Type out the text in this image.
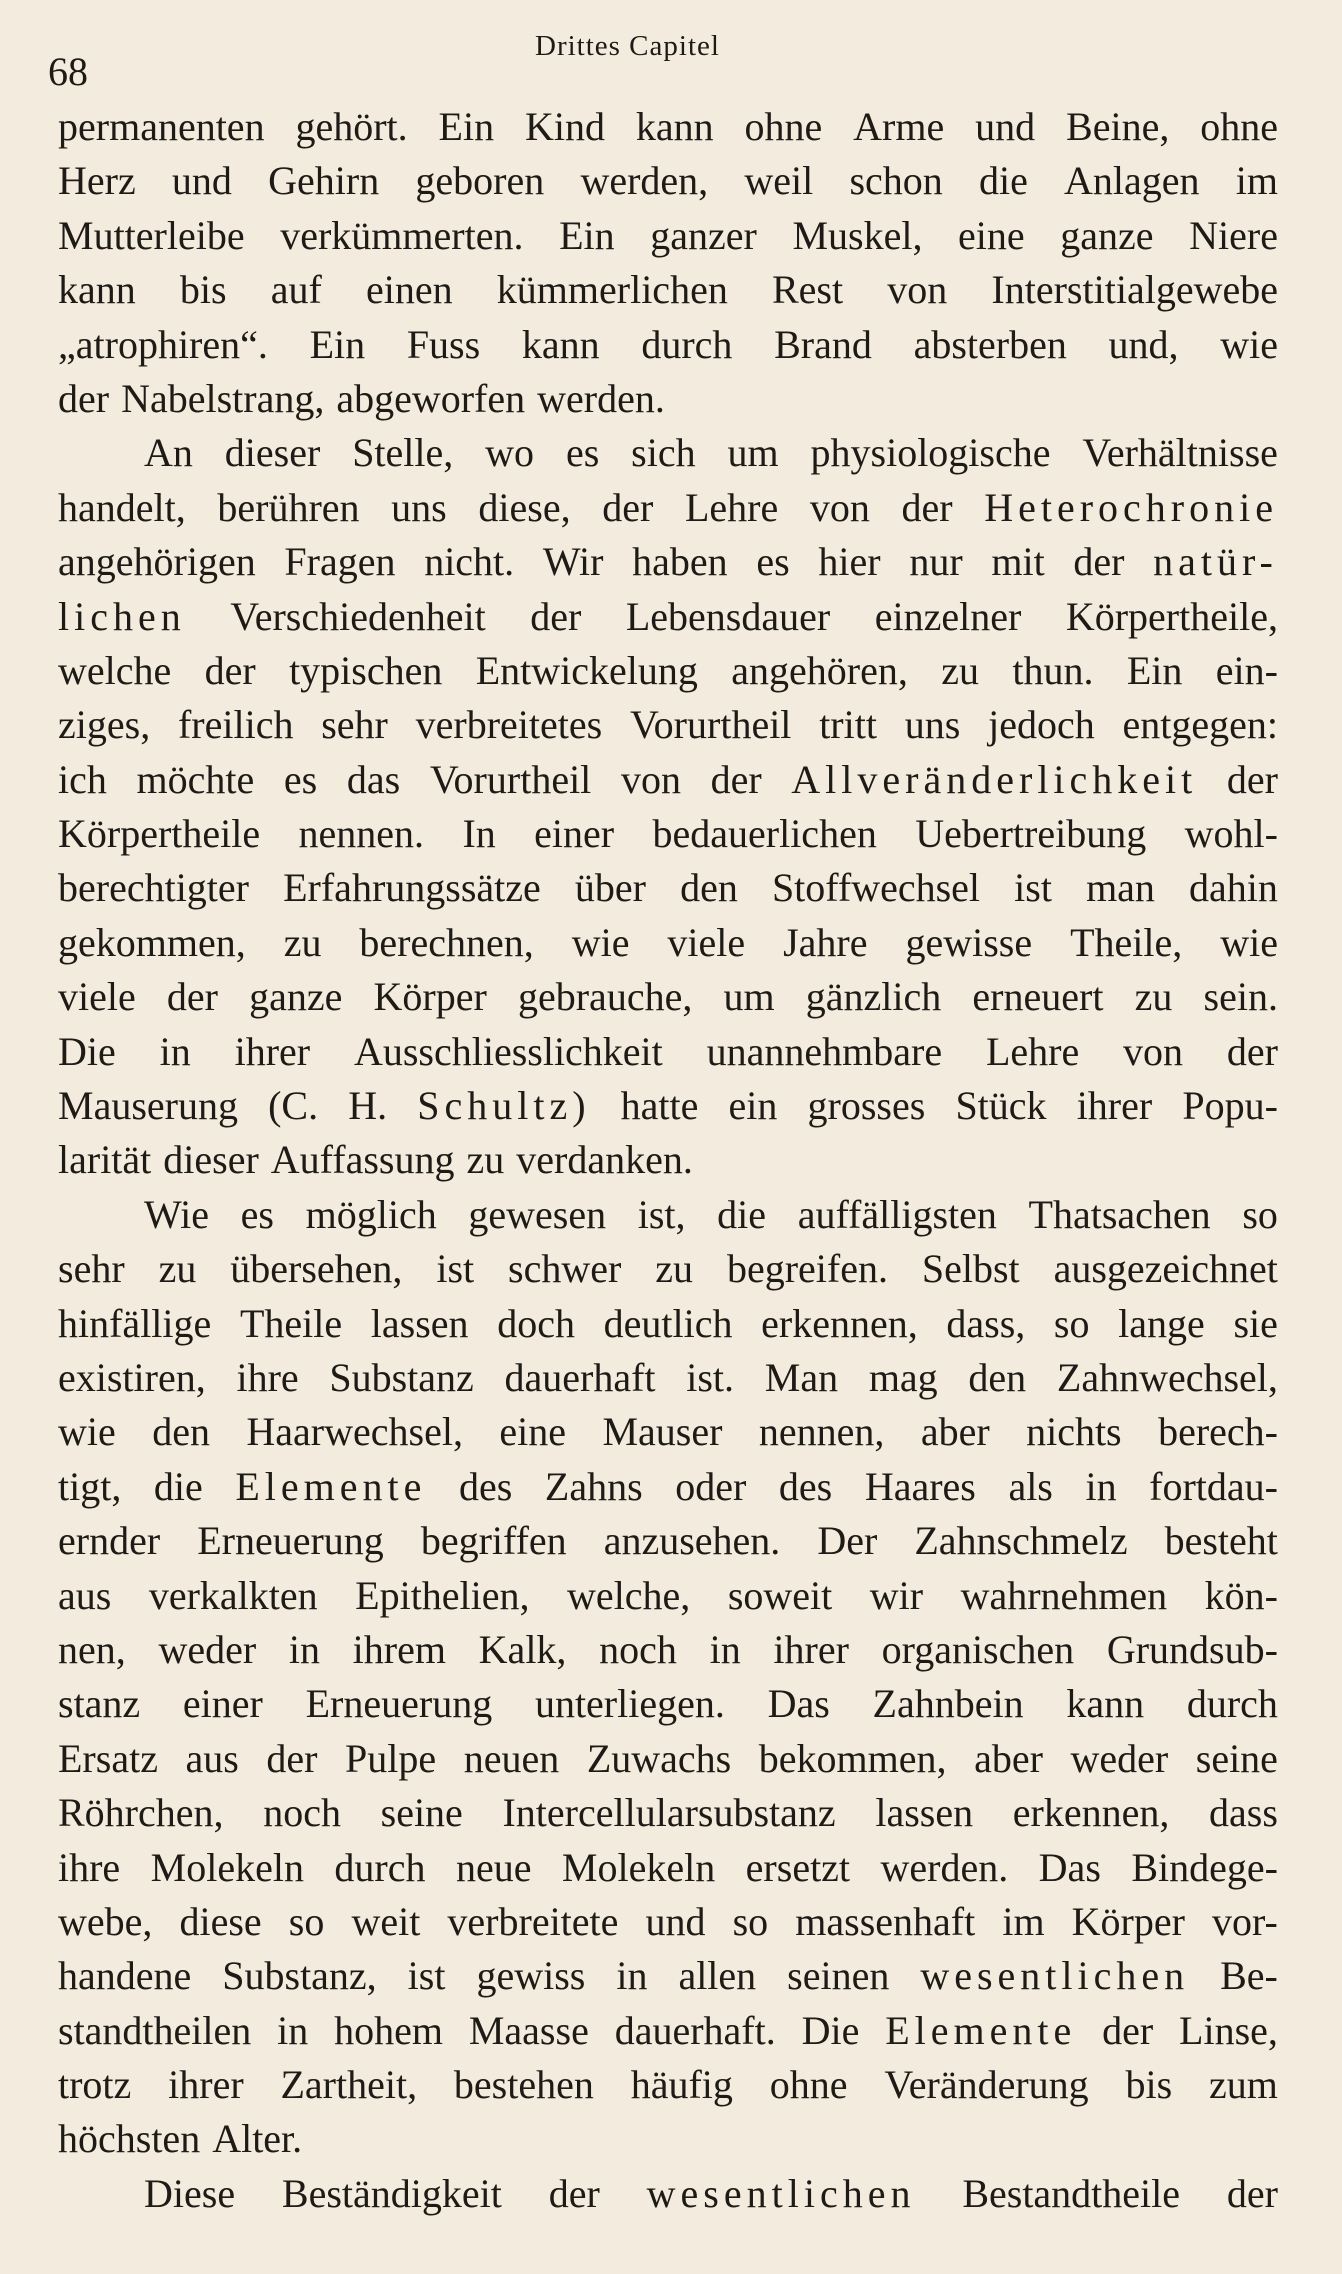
68
Drittes Capitel
permanenten gehört. Ein Kind kann ohne Arme und Beine, ohne
Herz und Gehirn geboren werden, weil schon die Anlagen im
Mutterleibe verkümmerten. Ein ganzer Muskel, eine ganze Niere
kann bis auf einen kümmerlichen Rest von Interstitialgewebe
„atrophiren“. Ein Fuss kann durch Brand absterben und, wie
der Nabelstrang, abgeworfen werden.
An dieser Stelle, wo es sich um physiologische Verhältnisse
handelt, berühren uns diese, der Lehre von der Heterochronie
angehörigen Fragen nicht. Wir haben es hier nur mit der natür-
lichen Verschiedenheit der Lebensdauer einzelner Körpertheile,
welche der typischen Entwickelung angehören, zu thun. Ein ein-
ziges, freilich sehr verbreitetes Vorurtheil tritt uns jedoch entgegen:
ich möchte es das Vorurtheil von der Allveränderlichkeit der
Körpertheile nennen. In einer bedauerlichen Uebertreibung wohl-
berechtigter Erfahrungssätze über den Stoffwechsel ist man dahin
gekommen, zu berechnen, wie viele Jahre gewisse Theile, wie
viele der ganze Körper gebrauche, um gänzlich erneuert zu sein.
Die in ihrer Ausschliesslichkeit unannehmbare Lehre von der
Mauserung (C. H. Schultz) hatte ein grosses Stück ihrer Popu-
larität dieser Auffassung zu verdanken.
Wie es möglich gewesen ist, die auffälligsten Thatsachen so
sehr zu übersehen, ist schwer zu begreifen. Selbst ausgezeichnet
hinfällige Theile lassen doch deutlich erkennen, dass, so lange sie
existiren, ihre Substanz dauerhaft ist. Man mag den Zahnwechsel,
wie den Haarwechsel, eine Mauser nennen, aber nichts berech-
tigt, die Elemente des Zahns oder des Haares als in fortdau-
ernder Erneuerung begriffen anzusehen. Der Zahnschmelz besteht
aus verkalkten Epithelien, welche, soweit wir wahrnehmen kön-
nen, weder in ihrem Kalk, noch in ihrer organischen Grundsub-
stanz einer Erneuerung unterliegen. Das Zahnbein kann durch
Ersatz aus der Pulpe neuen Zuwachs bekommen, aber weder seine
Röhrchen, noch seine Intercellularsubstanz lassen erkennen, dass
ihre Molekeln durch neue Molekeln ersetzt werden. Das Bindege-
webe, diese so weit verbreitete und so massenhaft im Körper vor-
handene Substanz, ist gewiss in allen seinen wesentlichen Be-
standtheilen in hohem Maasse dauerhaft. Die Elemente der Linse,
trotz ihrer Zartheit, bestehen häufig ohne Veränderung bis zum
höchsten Alter.
Diese Beständigkeit der wesentlichen Bestandtheile der
